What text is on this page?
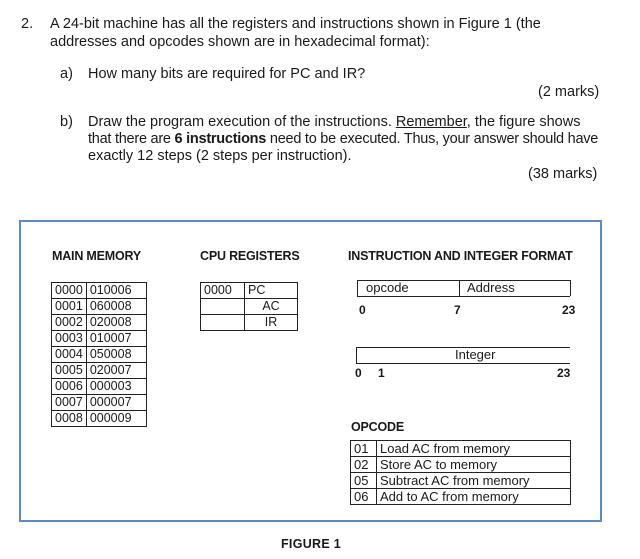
2. A 24-bit machine has all the registers and instructions shown in Figure 1 (the
addresses and opcodes shown are in hexadecimal format):
a) How many bits are required for PC and IR?
(2 marks)
b) Draw the program execution of the instructions. Remember, the figure shows
that there are 6 instructions need to be executed. Thus, your answer should have
exactly 12 steps (2 steps per instruction).
(38 marks)
MAIN MEMORY	CPU REGISTERS	INSTRUCTION AND INTEGER FORMAT
0000	010006
0001	060008
0002	020008
0003	010007
0004	050008
0005	020007
0006	000003
0007	000007
0008	000009
0000	PC
	AC
	IR
opcode	Address
0	7	23
Integer
0 1	23
OPCODE
01	Load AC from memory
02	Store AC to memory
05	Subtract AC from memory
06	Add to AC from memory
FIGURE 1
